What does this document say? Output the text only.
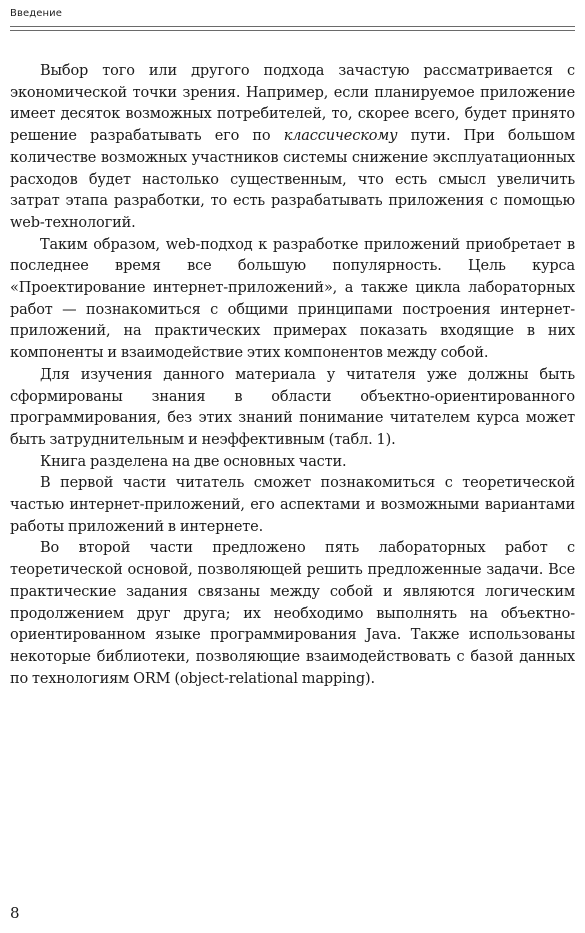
Введение

Выбор того или другого подхода зачастую рассматривается с экономической точки зрения. Например, если планируемое приложение имеет десяток возможных потребителей, то, скорее всего, будет принято решение разрабатывать его по классическому пути. При большом количестве возможных участников системы снижение эксплуатационных расходов будет настолько существенным, что есть смысл увеличить затрат этапа разработки, то есть разрабатывать приложения с помощью web-технологий.

Таким образом, web-подход к разработке приложений приобретает в последнее время все большую популярность. Цель курса «Проектирование интернет-приложений», а также цикла лабораторных работ — познакомиться с общими принципами построения интернет-приложений, на практических примерах показать входящие в них компоненты и взаимодействие этих компонентов между собой.

Для изучения данного материала у читателя уже должны быть сформированы знания в области объектно-ориентированного программирования, без этих знаний понимание читателем курса может быть затруднительным и неэффективным (табл. 1).

Книга разделена на две основных части.

В первой части читатель сможет познакомиться с теоретической частью интернет-приложений, его аспектами и возможными вариантами работы приложений в интернете.

Во второй части предложено пять лабораторных работ с теоретической основой, позволяющей решить предложенные задачи. Все практические задания связаны между собой и являются логическим продолжением друг друга; их необходимо выполнять на объектно-ориентированном языке программирования Java. Также использованы некоторые библиотеки, позволяющие взаимодействовать с базой данных по технологиям ORM (object-relational mapping).

8
